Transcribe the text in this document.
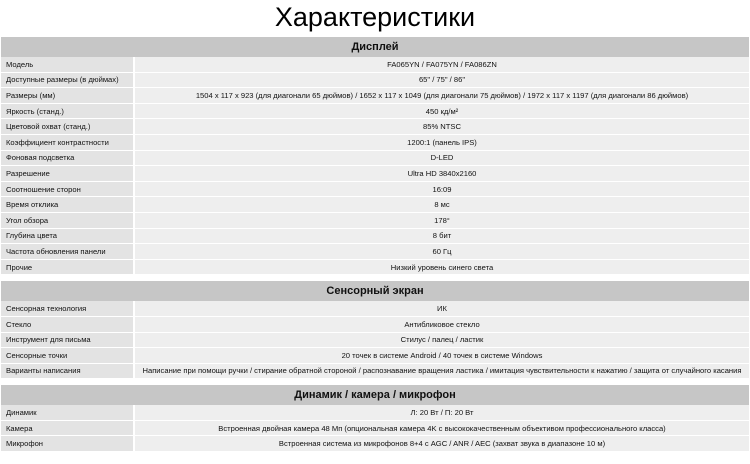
Характеристики
Дисплей
Модель	FA065YN / FA075YN / FA086ZN
Доступные размеры (в дюймах)	65" / 75" / 86"
Размеры (мм)	1504 x 117 x 923 (для диагонали 65 дюймов) / 1652 x 117 x 1049 (для диагонали 75 дюймов) / 1972 x 117 x 1197 (для диагонали 86 дюймов)
Яркость (станд.)	450 кд/м²
Цветовой охват (станд.)	85% NTSC
Коэффициент контрастности	1200:1 (панель IPS)
Фоновая подсветка	D-LED
Разрешение	Ultra HD 3840x2160
Соотношение сторон	16:09
Время отклика	8 мс
Угол обзора	178°
Глубина цвета	8 бит
Частота обновления панели	60 Гц
Прочие	Низкий уровень синего света
Сенсорный экран
Сенсорная технология	ИК
Стекло	Антибликовое стекло
Инструмент для письма	Стилус / палец / ластик
Сенсорные точки	20 точек в системе Android / 40 точек в системе Windows
Варианты написания	Написание при помощи ручки / стирание обратной стороной / распознавание вращения ластика / имитация чувствительности к нажатию / защита от случайного касания
Динамик / камера / микрофон
Динамик	Л: 20 Вт / П: 20 Вт
Камера	Встроенная двойная камера 48 Мп (опциональная камера 4K с высококачественным объективом профессионального класса)
Микрофон	Встроенная система из микрофонов 8+4 с AGC / ANR / AEC (захват звука в диапазоне 10 м)
